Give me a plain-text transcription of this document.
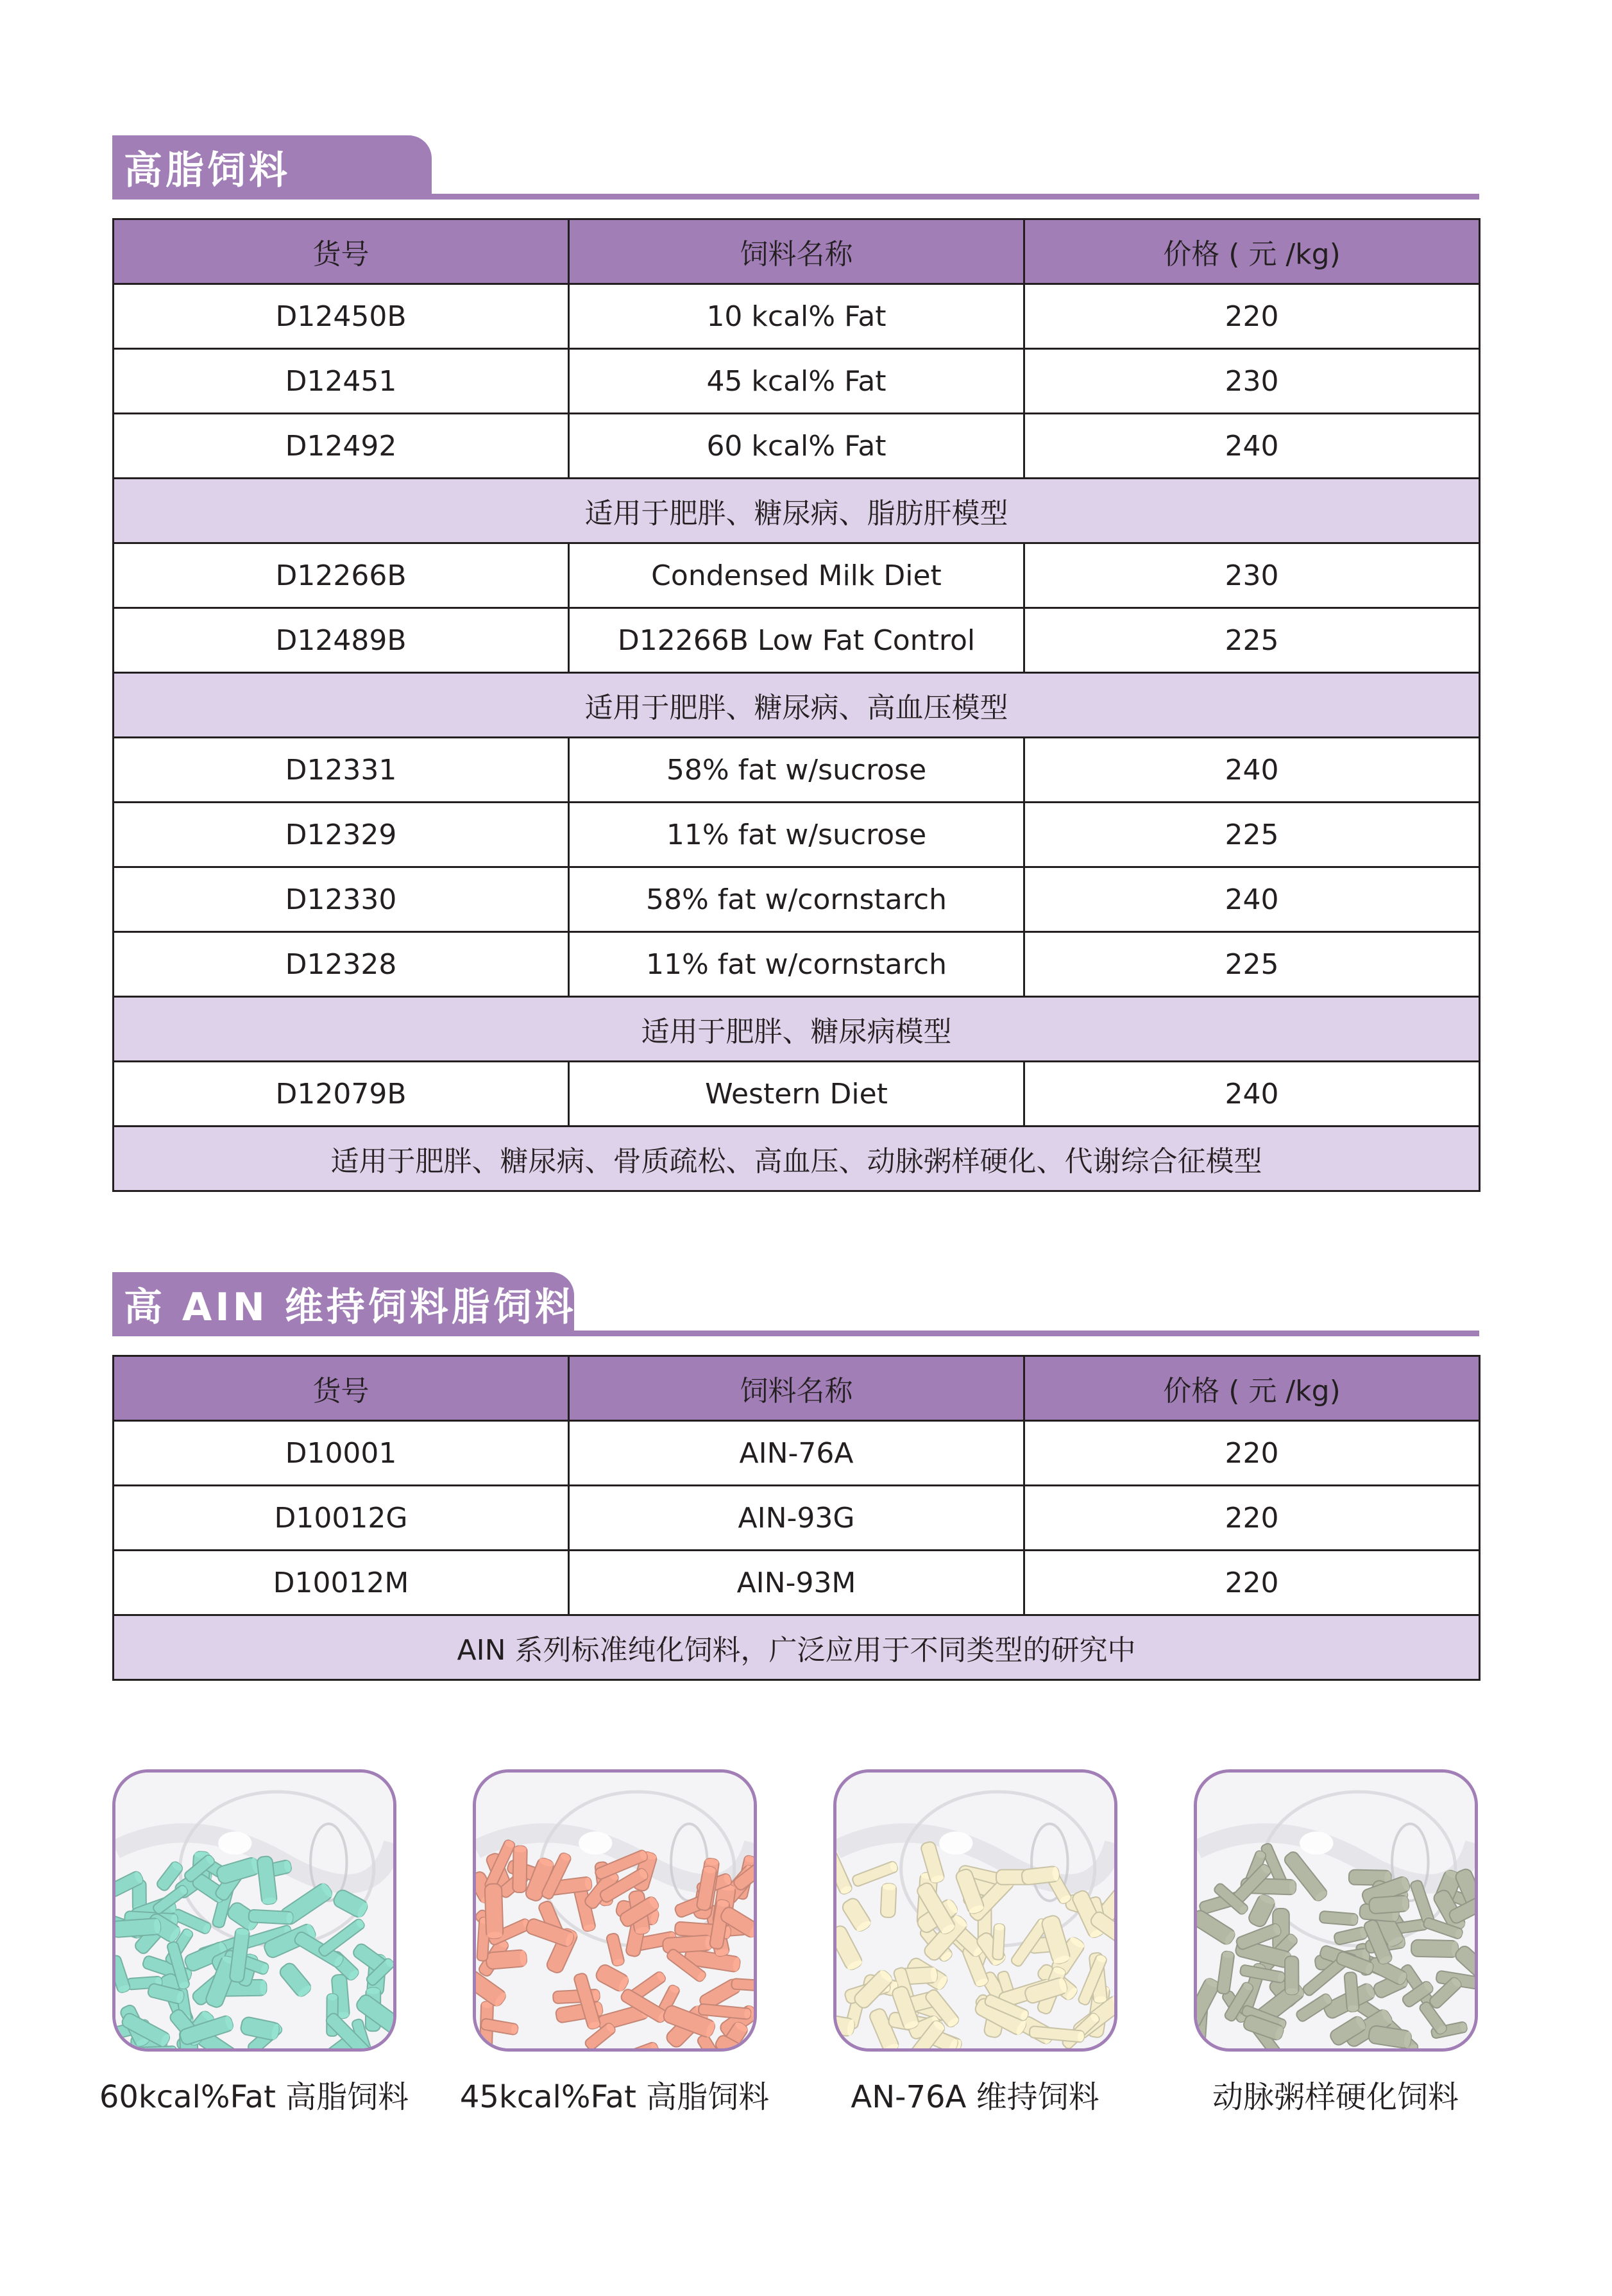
高脂饲料
货号	饲料名称	价格 ( 元 /kg)
D12450B	10 kcal% Fat	220
D12451	45 kcal% Fat	230
D12492	60 kcal% Fat	240
适用于肥胖、糖尿病、脂肪肝模型		
D12266B	Condensed Milk Diet	230
D12489B	D12266B Low Fat Control	225
适用于肥胖、糖尿病、高血压模型		
D12331	58% fat w/sucrose	240
D12329	11% fat w/sucrose	225
D12330	58% fat w/cornstarch	240
D12328	11% fat w/cornstarch	225
适用于肥胖、糖尿病模型		
D12079B	Western Diet	240
适用于肥胖、糖尿病、骨质疏松、高血压、动脉粥样硬化、代谢综合征模型		
高 AIN 维持饲料脂饲料
货号	饲料名称	价格 ( 元 /kg)
D10001	AIN-76A	220
D10012G	AIN-93G	220
D10012M	AIN-93M	220
AIN 系列标准纯化饲料，广泛应用于不同类型的研究中		
60kcal%Fat 高脂饲料	45kcal%Fat 高脂饲料	AN-76A 维持饲料	动脉粥样硬化饲料
